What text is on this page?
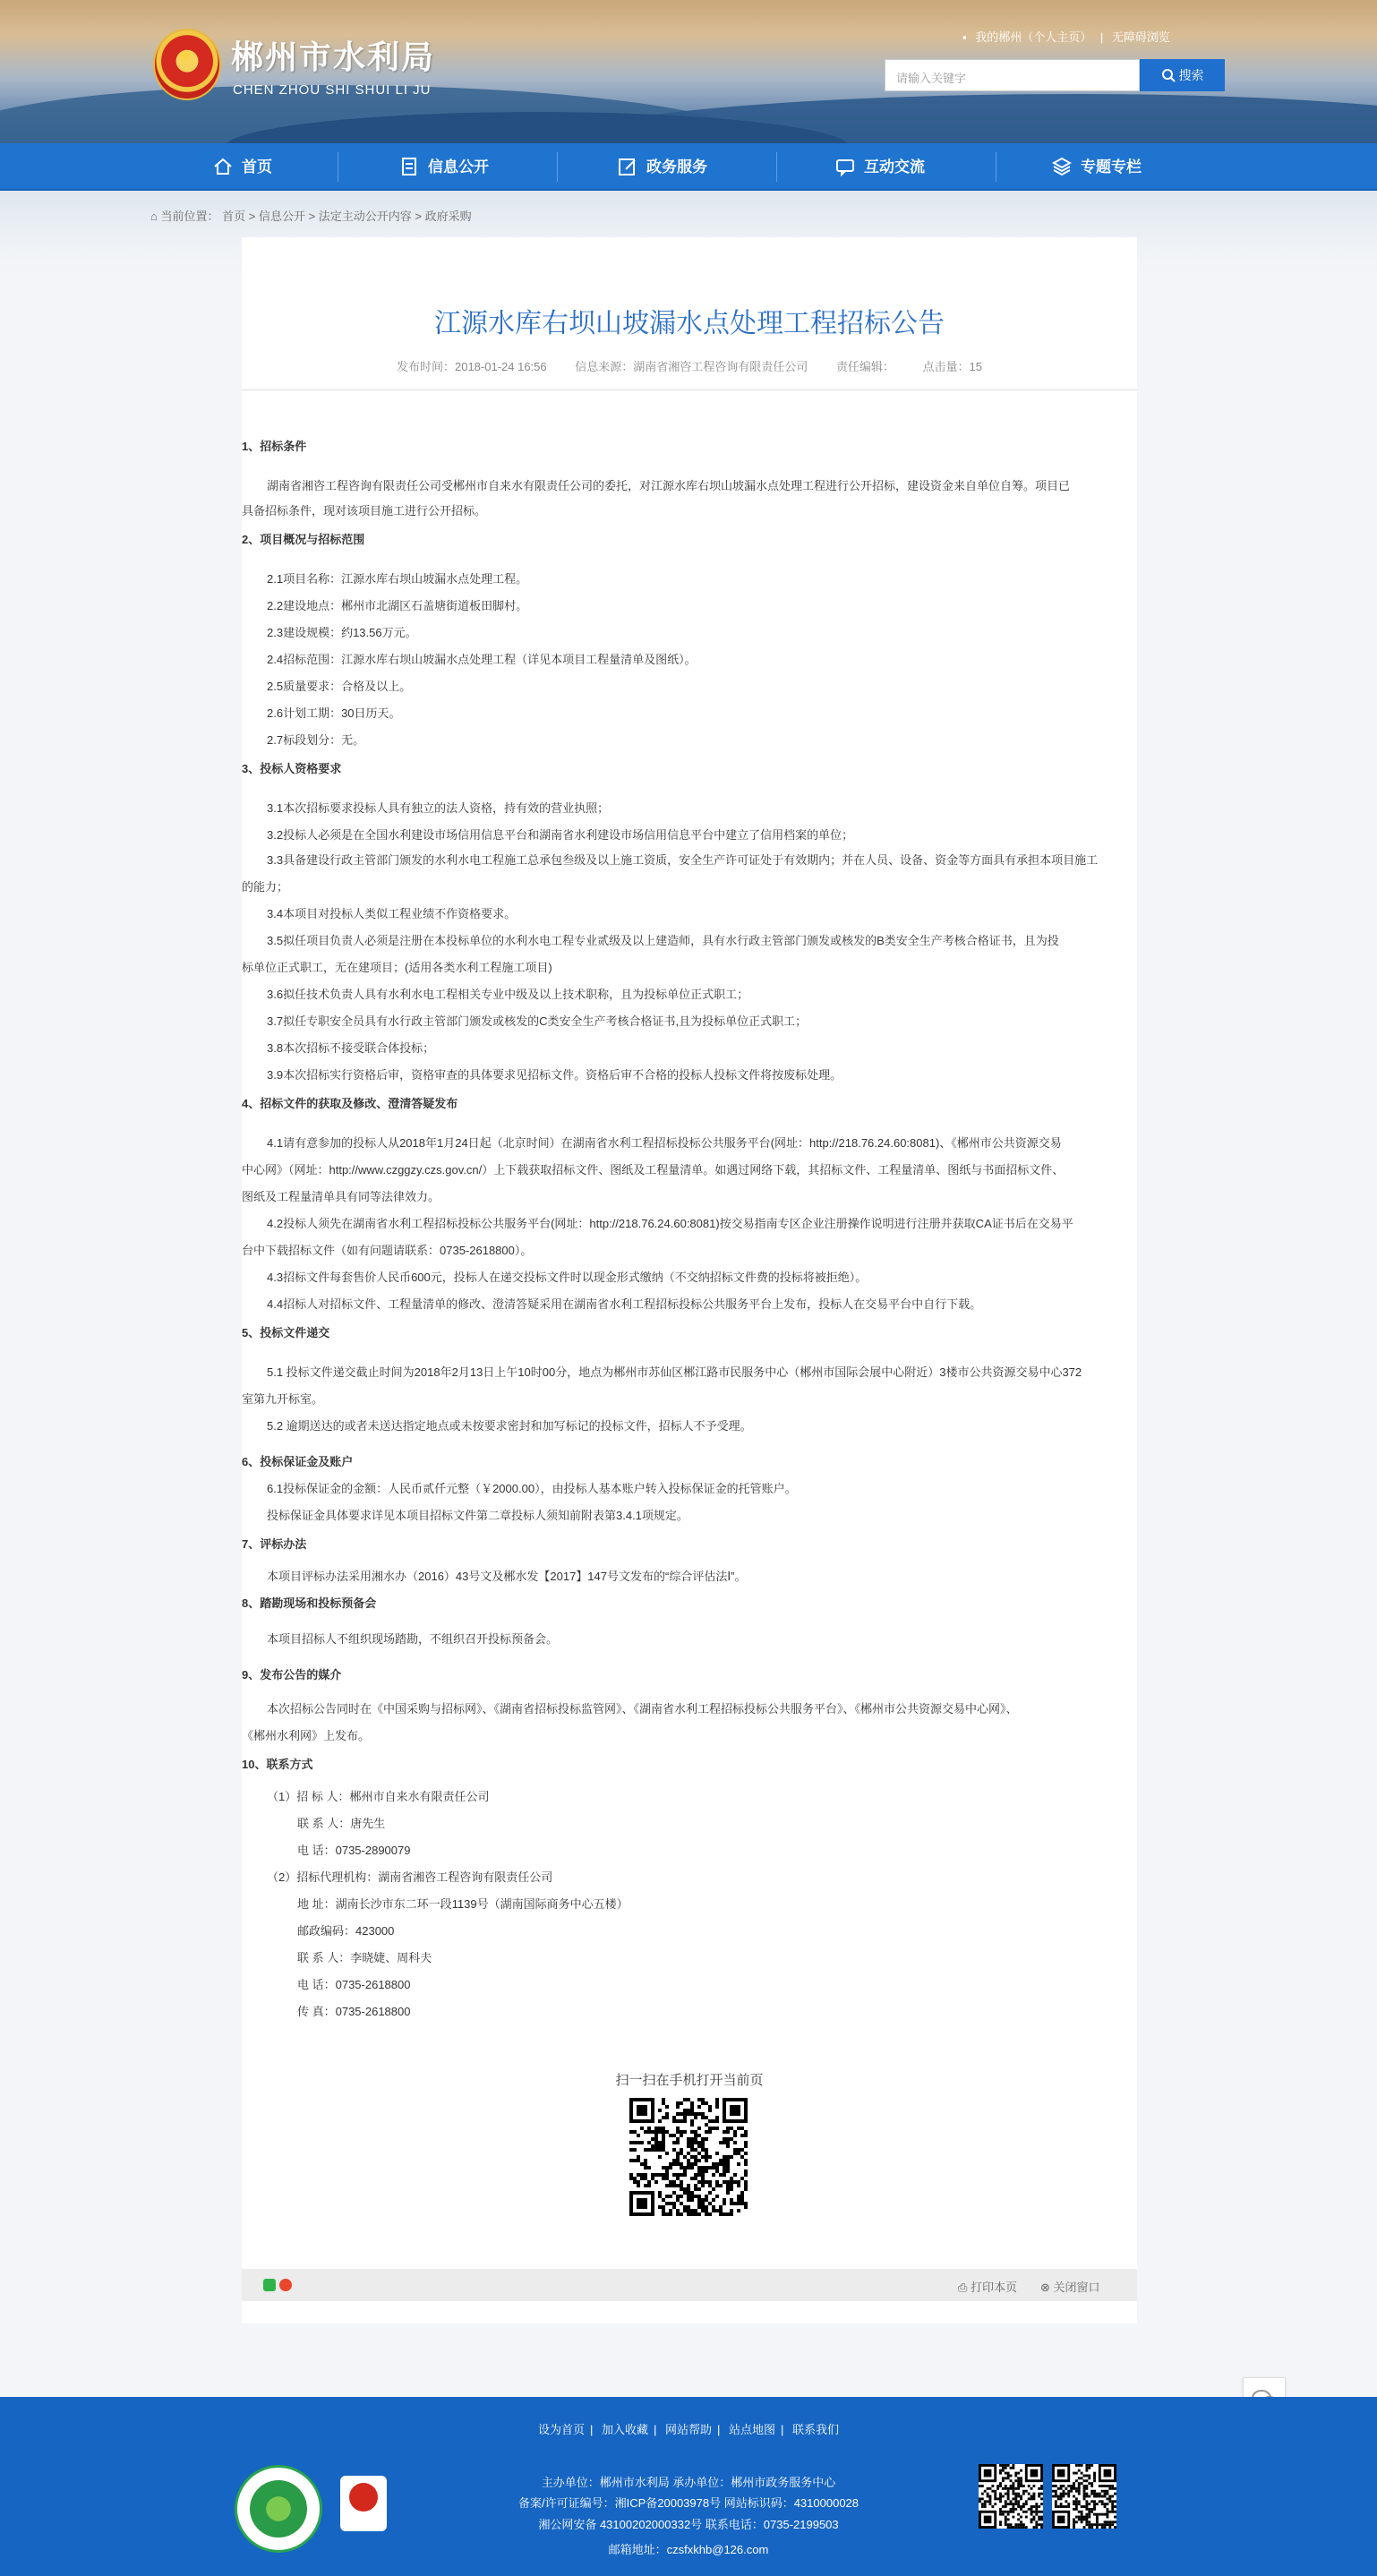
★
郴州市水利局
CHEN ZHOU SHI SHUI LI JU
▪ 我的郴州（个人主页） | 无障碍浏览
请输入关键字	搜索
首页	信息公开	政务服务	互动交流	专题专栏
⌂ 当前位置： 首页 > 信息公开 > 法定主动公开内容 > 政府采购
江源水库右坝山坡漏水点处理工程招标公告
发布时间：2018-01-24 16:56 信息来源：湖南省湘咨工程咨询有限责任公司 责任编辑： 点击量：15

1、招标条件

湖南省湘咨工程咨询有限责任公司受郴州市自来水有限责任公司的委托，对江源水库右坝山坡漏水点处理工程进行公开招标，建设资金来自单位自筹。项目已

具备招标条件，现对该项目施工进行公开招标。

2、项目概况与招标范围

2.1项目名称：江源水库右坝山坡漏水点处理工程。

2.2建设地点：郴州市北湖区石盖塘街道板田脚村。

2.3建设规模：约13.56万元。

2.4招标范围：江源水库右坝山坡漏水点处理工程（详见本项目工程量清单及图纸）。

2.5质量要求：合格及以上。

2.6计划工期：30日历天。

2.7标段划分：无。

3、投标人资格要求

3.1本次招标要求投标人具有独立的法人资格，持有效的营业执照；

3.2投标人必须是在全国水利建设市场信用信息平台和湖南省水利建设市场信用信息平台中建立了信用档案的单位；

3.3具备建设行政主管部门颁发的水利水电工程施工总承包叁级及以上施工资质，安全生产许可证处于有效期内；并在人员、设备、资金等方面具有承担本项目施工

的能力；

3.4本项目对投标人类似工程业绩不作资格要求。

3.5拟任项目负责人必须是注册在本投标单位的水利水电工程专业贰级及以上建造师，具有水行政主管部门颁发或核发的B类安全生产考核合格证书，且为投

标单位正式职工，无在建项目；(适用各类水利工程施工项目)

3.6拟任技术负责人具有水利水电工程相关专业中级及以上技术职称，且为投标单位正式职工；

3.7拟任专职安全员具有水行政主管部门颁发或核发的C类安全生产考核合格证书,且为投标单位正式职工；

3.8本次招标不接受联合体投标；

3.9本次招标实行资格后审，资格审查的具体要求见招标文件。资格后审不合格的投标人投标文件将按废标处理。

4、招标文件的获取及修改、澄清答疑发布

4.1请有意参加的投标人从2018年1月24日起（北京时间）在湖南省水利工程招标投标公共服务平台(网址：http://218.76.24.60:8081)、《郴州市公共资源交易

中心网》（网址：http://www.czggzy.czs.gov.cn/）上下载获取招标文件、图纸及工程量清单。如遇过网络下载，其招标文件、工程量清单、图纸与书面招标文件、

图纸及工程量清单具有同等法律效力。

4.2投标人须先在湖南省水利工程招标投标公共服务平台(网址：http://218.76.24.60:8081)按交易指南专区企业注册操作说明进行注册并获取CA证书后在交易平

台中下载招标文件（如有问题请联系：0735-2618800）。

4.3招标文件每套售价人民币600元，投标人在递交投标文件时以现金形式缴纳（不交纳招标文件费的投标将被拒绝）。

4.4招标人对招标文件、工程量清单的修改、澄清答疑采用在湖南省水利工程招标投标公共服务平台上发布，投标人在交易平台中自行下载。

5、投标文件递交

5.1 投标文件递交截止时间为2018年2月13日上午10时00分，地点为郴州市苏仙区郴江路市民服务中心（郴州市国际会展中心附近）3楼市公共资源交易中心372

室第九开标室。

5.2 逾期送达的或者未送达指定地点或未按要求密封和加写标记的投标文件，招标人不予受理。

6、投标保证金及账户

6.1投标保证金的金额：人民币贰仟元整（￥2000.00），由投标人基本账户转入投标保证金的托管账户。

投标保证金具体要求详见本项目招标文件第二章投标人须知前附表第3.4.1项规定。

7、评标办法

本项目评标办法采用湘水办（2016）43号文及郴水发【2017】147号文发布的“综合评估法Ⅰ”。

8、踏勘现场和投标预备会

本项目招标人不组织现场踏勘，不组织召开投标预备会。

9、发布公告的媒介

本次招标公告同时在《中国采购与招标网》、《湖南省招标投标监管网》、《湖南省水利工程招标投标公共服务平台》、《郴州市公共资源交易中心网》、

《郴州水利网》上发布。

10、联系方式

（1）招 标 人：郴州市自来水有限责任公司

联 系 人：唐先生

电 话：0735-2890079

（2）招标代理机构：湖南省湘咨工程咨询有限责任公司

地 址：湖南长沙市东二环一段1139号（湖南国际商务中心五楼）

邮政编码：423000

联 系 人：李晓婕、周科夫

电 话：0735-2618800

传 真：0735-2618800

扫一扫在手机打开当前页
⎙ 打印本页 ⊗ 关闭窗口
设为首页 | 加入收藏 | 网站帮助 | 站点地图 | 联系我们
主办单位：郴州市水利局 承办单位：郴州市政务服务中心
备案/许可证编号：湘ICP备20003978号 网站标识码：4310000028
湘公网安备 43100202000332号 联系电话：0735-2199503
邮箱地址：czsfxkhb@126.com
